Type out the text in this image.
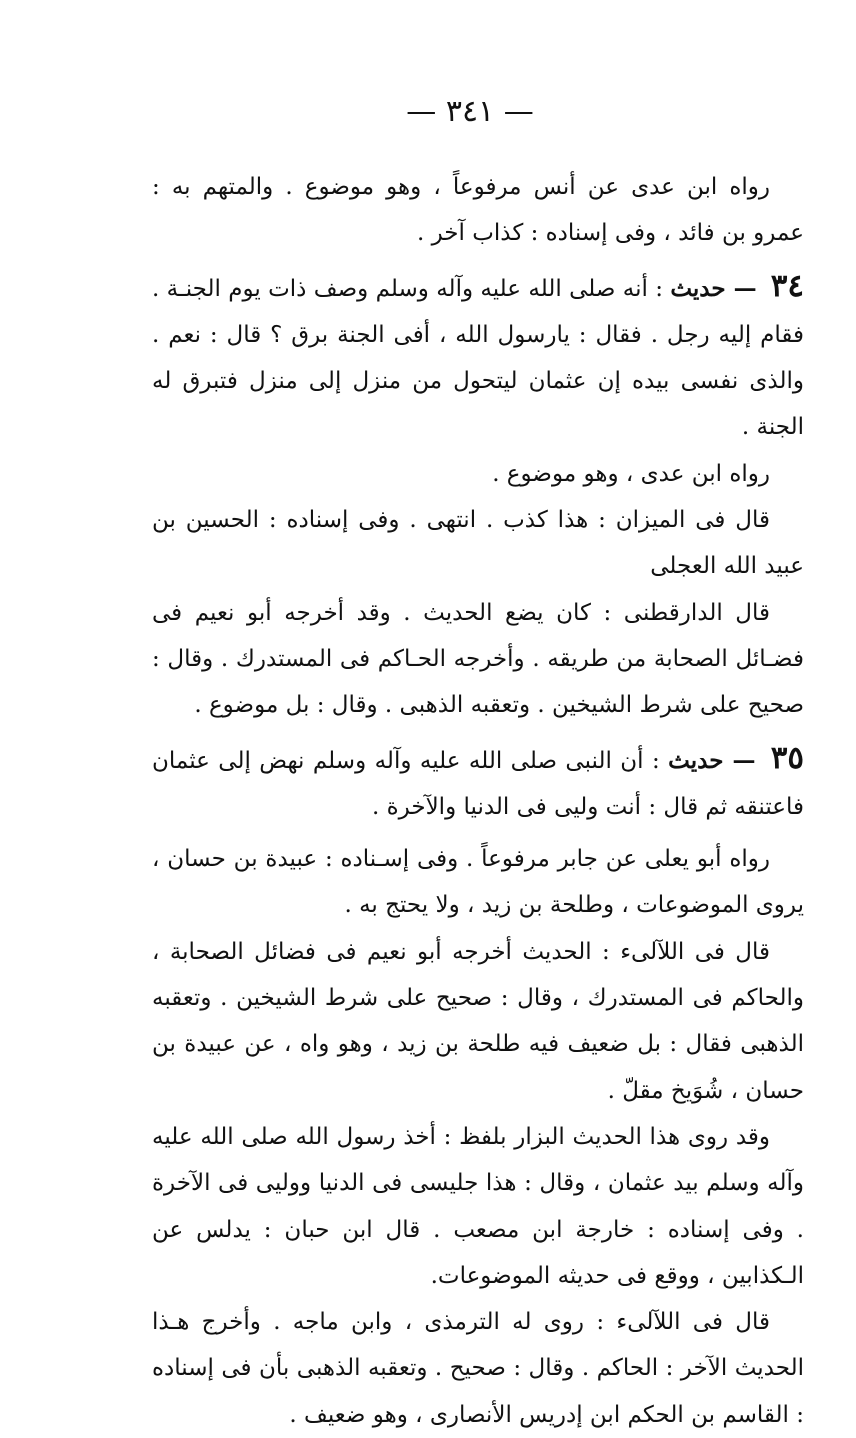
— ٣٤١ —

رواه ابن عدى عن أنس مرفوعاً ، وهو موضوع . والمتهم به : عمرو بن فائد ، وفى إسناده : كذاب آخر .

٣٤ — حديث : أنه صلى الله عليه وآله وسلم وصف ذات يوم الجنـة . فقام إليه رجل . فقال : يارسول الله ، أفى الجنة برق ؟ قال : نعم . والذى نفسى بيده إن عثمان ليتحول من منزل إلى منزل فتبرق له الجنة .

رواه ابن عدى ، وهو موضوع .

قال فى الميزان : هذا كذب . انتهى . وفى إسناده : الحسين بن عبيد الله العجلى

قال الدارقطنى : كان يضع الحديث . وقد أخرجه أبو نعيم فى فضـائل الصحابة من طريقه . وأخرجه الحـاكم فى المستدرك . وقال : صحيح على شرط الشيخين . وتعقبه الذهبى . وقال : بل موضوع .

٣٥ — حديث : أن النبى صلى الله عليه وآله وسلم نهض إلى عثمان فاعتنقه ثم قال : أنت وليى فى الدنيا والآخرة .

رواه أبو يعلى عن جابر مرفوعاً . وفى إسـناده : عبيدة بن حسان ، يروى الموضوعات ، وطلحة بن زيد ، ولا يحتج به .

قال فى اللآلىء : الحديث أخرجه أبو نعيم فى فضائل الصحابة ، والحاكم فى المستدرك ، وقال : صحيح على شرط الشيخين . وتعقبه الذهبى فقال : بل ضعيف فيه طلحة بن زيد ، وهو واه ، عن عبيدة بن حسان ، شُوَيخ مقلّ .

وقد روى هذا الحديث البزار بلفظ : أخذ رسول الله صلى الله عليه وآله وسلم بيد عثمان ، وقال : هذا جليسى فى الدنيا ووليى فى الآخرة . وفى إسناده : خارجة ابن مصعب . قال ابن حبان : يدلس عن الـكذابين ، ووقع فى حديثه الموضوعات.

قال فى اللآلىء : روى له الترمذى ، وابن ماجه . وأخرج هـذا الحديث الآخر : الحاكم . وقال : صحيح . وتعقبه الذهبى بأن فى إسناده : القاسم بن الحكم ابن إدريس الأنصارى ، وهو ضعيف .
